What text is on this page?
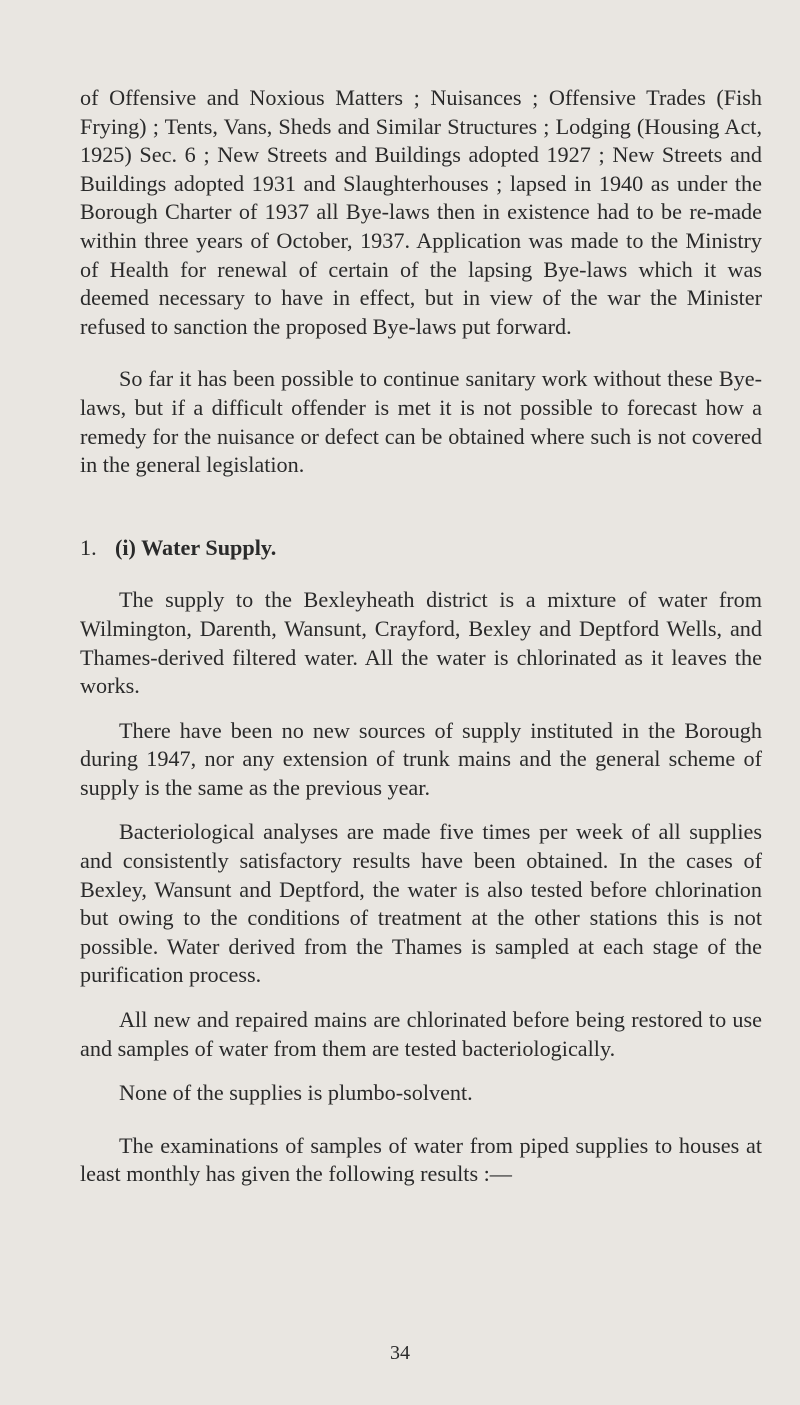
of Offensive and Noxious Matters ; Nuisances ; Offensive Trades (Fish Frying) ; Tents, Vans, Sheds and Similar Structures ; Lodging (Housing Act, 1925) Sec. 6 ; New Streets and Buildings adopted 1927 ; New Streets and Buildings adopted 1931 and Slaughterhouses ; lapsed in 1940 as under the Borough Charter of 1937 all Bye-laws then in existence had to be re-made within three years of October, 1937. Application was made to the Ministry of Health for renewal of certain of the lapsing Bye-laws which it was deemed necessary to have in effect, but in view of the war the Minister refused to sanction the proposed Bye-laws put forward.

So far it has been possible to continue sanitary work without these Bye-laws, but if a difficult offender is met it is not possible to forecast how a remedy for the nuisance or defect can be obtained where such is not covered in the general legislation.

1. (i) Water Supply.

The supply to the Bexleyheath district is a mixture of water from Wilmington, Darenth, Wansunt, Crayford, Bexley and Deptford Wells, and Thames-derived filtered water. All the water is chlorinated as it leaves the works.

There have been no new sources of supply instituted in the Borough during 1947, nor any extension of trunk mains and the general scheme of supply is the same as the previous year.

Bacteriological analyses are made five times per week of all supplies and consistently satisfactory results have been obtained. In the cases of Bexley, Wansunt and Deptford, the water is also tested before chlorination but owing to the conditions of treatment at the other stations this is not possible. Water derived from the Thames is sampled at each stage of the purification process.

All new and repaired mains are chlorinated before being restored to use and samples of water from them are tested bacteriologically.

None of the supplies is plumbo-solvent.

The examinations of samples of water from piped supplies to houses at least monthly has given the following results :—

34
